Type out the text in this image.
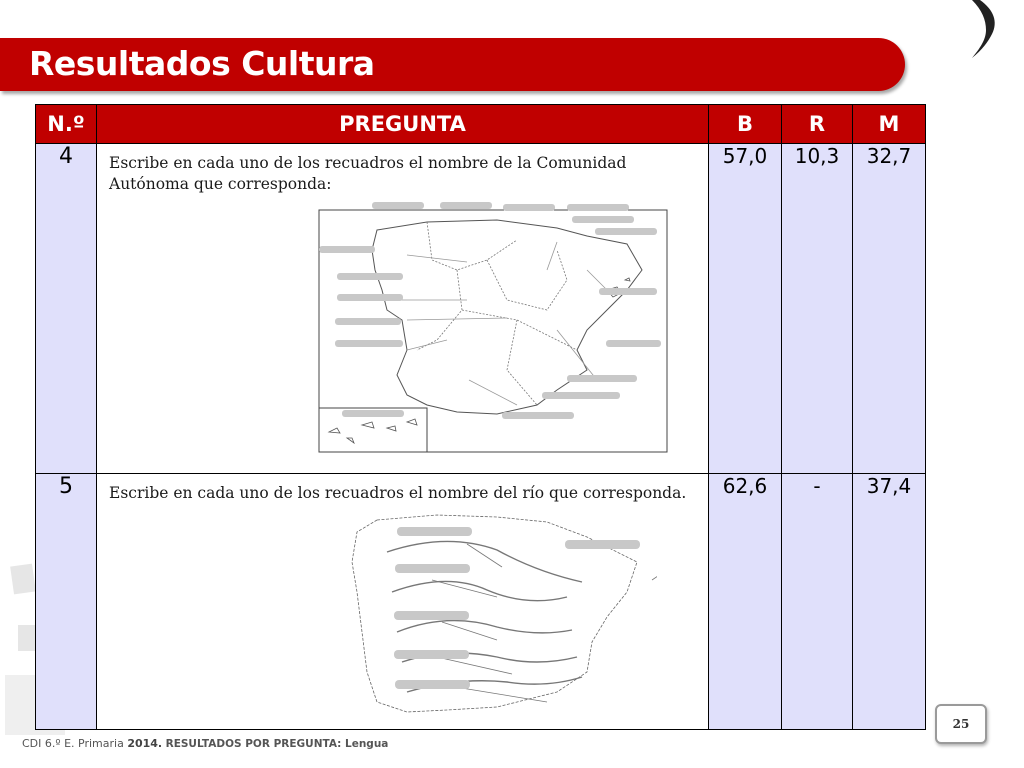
Resultados Cultura
N.º	PREGUNTA	B	R	M
4	Escribe en cada uno de los recuadros el nombre de la Comunidad Autónoma que corresponda:	57,0	10,3	32,7
5	Escribe en cada uno de los recuadros el nombre del río que corresponda.	62,6	-	37,4
CDI 6.º E. Primaria 2014. RESULTADOS POR PREGUNTA: Lengua
25
